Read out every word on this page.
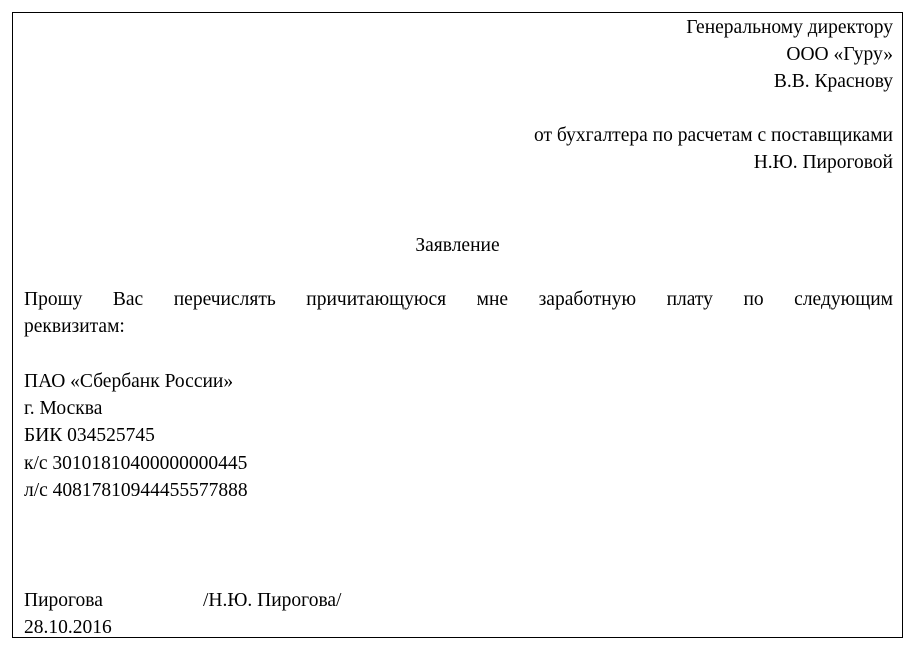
Генеральному директору
ООО «Гуру»
В.В. Краснову
от бухгалтера по расчетам с поставщиками
Н.Ю. Пироговой
Заявление
Прошу Вас перечислять причитающуюся мне заработную плату по следующим
реквизитам:
ПАО «Сбербанк России»
г. Москва
БИК 034525745
к/с 30101810400000000445
л/с 40817810944455577888
Пирогова	/Н.Ю. Пирогова/
28.10.2016
